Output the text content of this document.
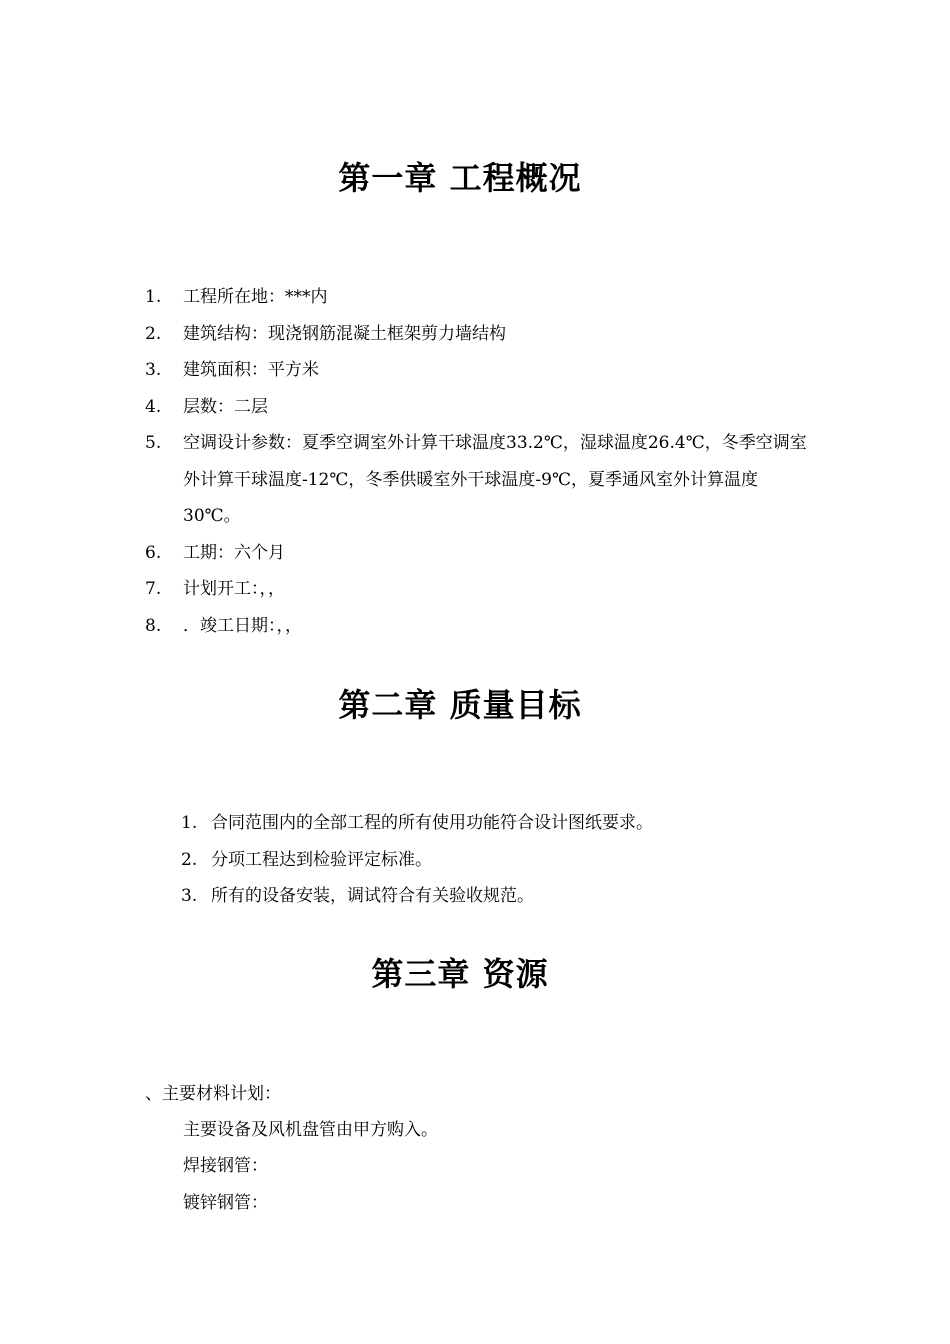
第一章 工程概况
1. 工程所在地：***内
2. 建筑结构：现浇钢筋混凝土框架剪力墙结构
3. 建筑面积：平方米
4. 层数：二层
5. 空调设计参数：夏季空调室外计算干球温度33.2℃，湿球温度26.4℃，冬季空调室外计算干球温度-12℃，冬季供暖室外干球温度-9℃，夏季通风室外计算温度30℃。
6. 工期：六个月
7. 计划开工：，，
8. ．竣工日期：，，
第二章 质量目标
1. 合同范围内的全部工程的所有使用功能符合设计图纸要求。
2. 分项工程达到检验评定标准。
3. 所有的设备安装，调试符合有关验收规范。
第三章 资源

、主要材料计划：

主要设备及风机盘管由甲方购入。

焊接钢管：

镀锌钢管：
